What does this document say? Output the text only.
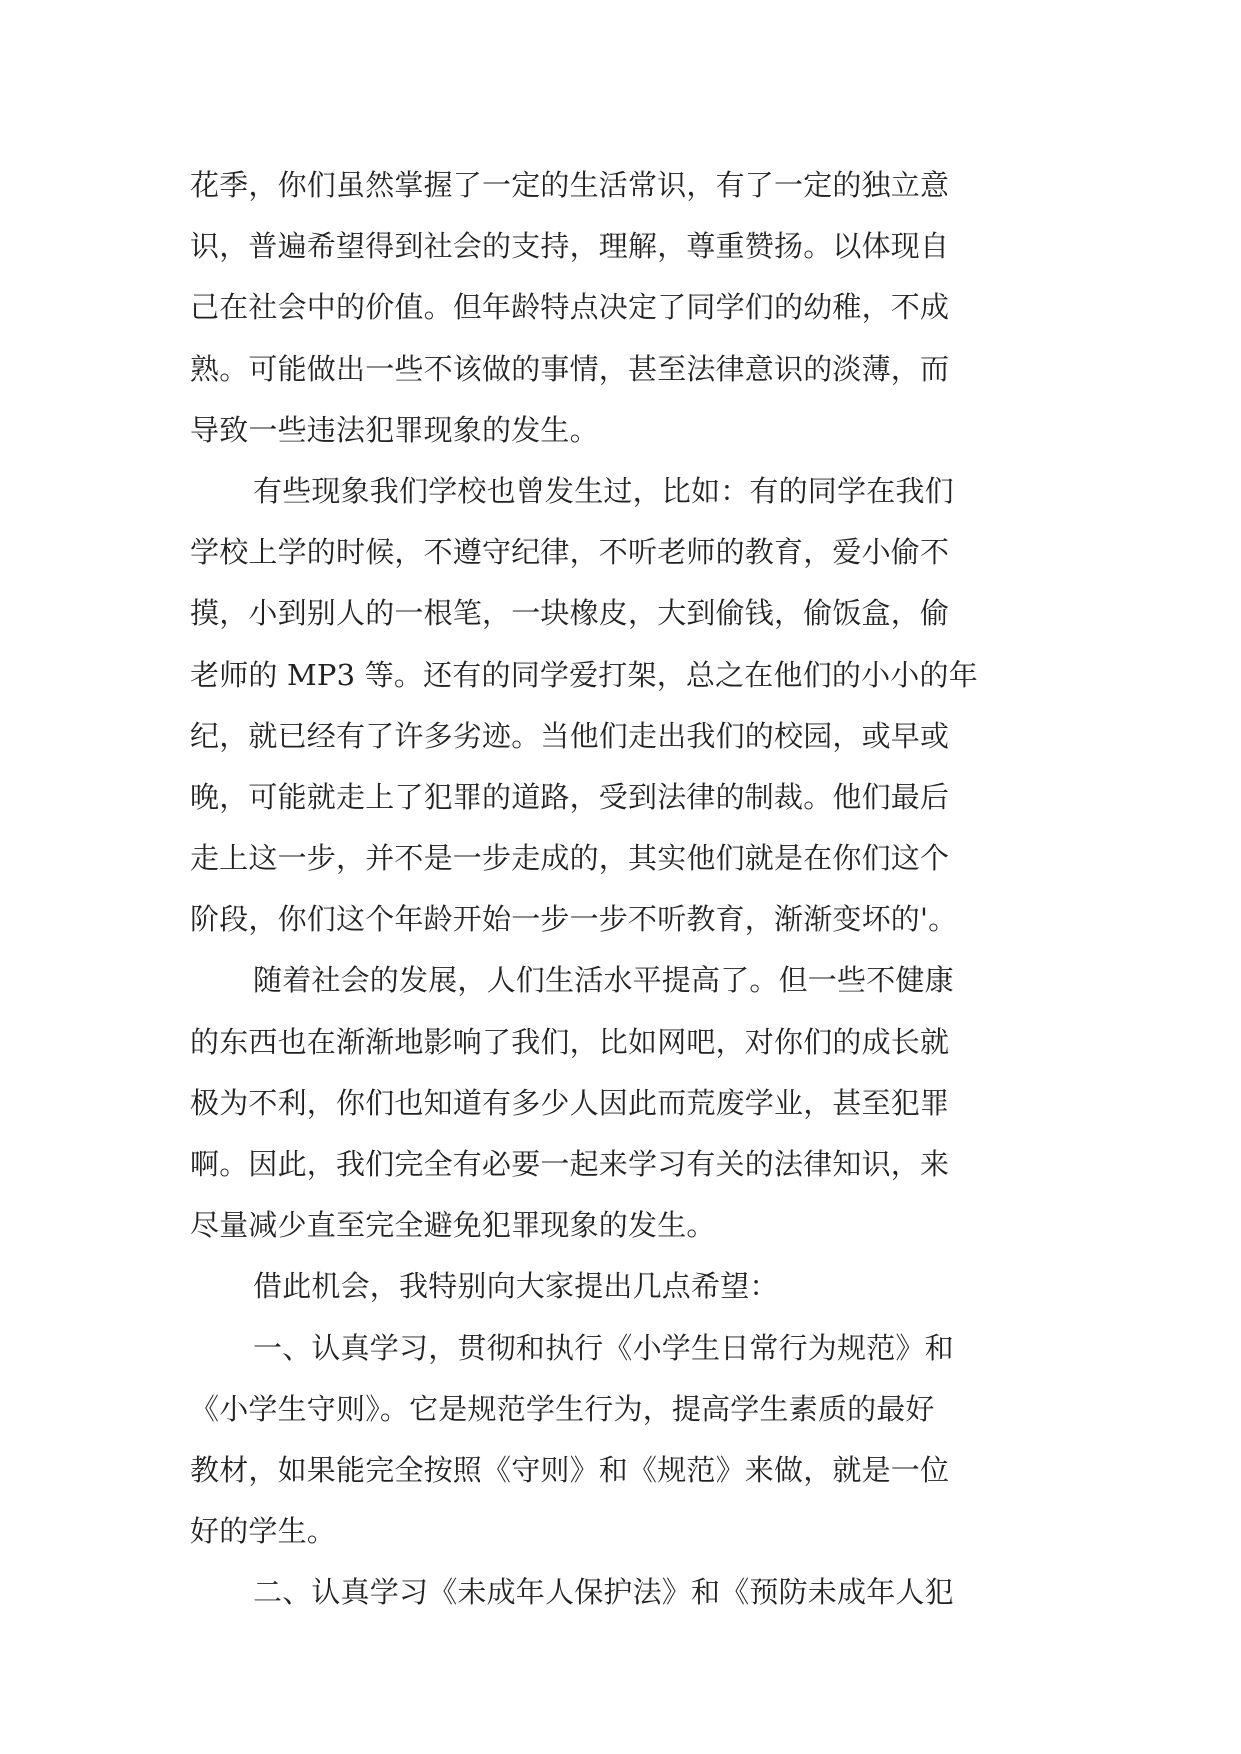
花季，你们虽然掌握了一定的生活常识，有了一定的独立意
识，普遍希望得到社会的支持，理解，尊重赞扬。以体现自
己在社会中的价值。但年龄特点决定了同学们的幼稚，不成
熟。可能做出一些不该做的事情，甚至法律意识的淡薄，而
导致一些违法犯罪现象的发生。
有些现象我们学校也曾发生过，比如：有的同学在我们
学校上学的时候，不遵守纪律，不听老师的教育，爱小偷不
摸，小到别人的一根笔，一块橡皮，大到偷钱，偷饭盒，偷
老师的 MP3 等。还有的同学爱打架，总之在他们的小小的年
纪，就已经有了许多劣迹。当他们走出我们的校园，或早或
晚，可能就走上了犯罪的道路，受到法律的制裁。他们最后
走上这一步，并不是一步走成的，其实他们就是在你们这个
阶段，你们这个年龄开始一步一步不听教育，渐渐变坏的'。
随着社会的发展，人们生活水平提高了。但一些不健康
的东西也在渐渐地影响了我们，比如网吧，对你们的成长就
极为不利，你们也知道有多少人因此而荒废学业，甚至犯罪
啊。因此，我们完全有必要一起来学习有关的法律知识，来
尽量减少直至完全避免犯罪现象的发生。
借此机会，我特别向大家提出几点希望：
一、认真学习，贯彻和执行《小学生日常行为规范》和
《小学生守则》。它是规范学生行为，提高学生素质的最好
教材，如果能完全按照《守则》和《规范》来做，就是一位
好的学生。
二、认真学习《未成年人保护法》和《预防未成年人犯
